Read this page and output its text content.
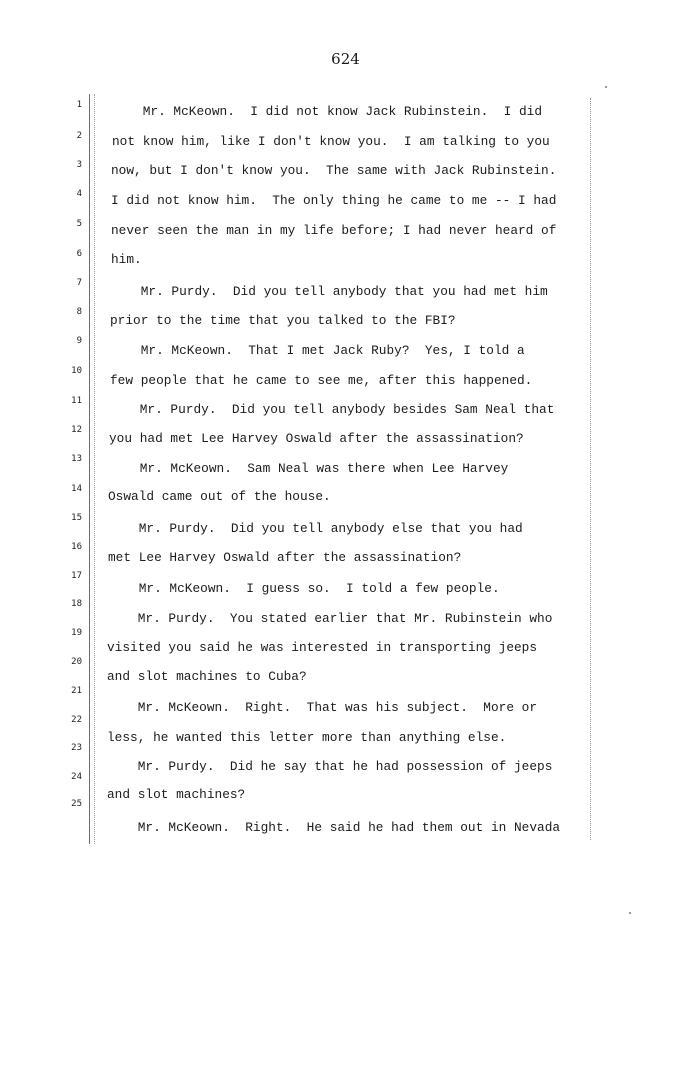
624
1
2
3
4
5
6
7
8
9
10
11
12
13
14
15
16
17
18
19
20
21
22
23
24
25
Mr. McKeown.  I did not know Jack Rubinstein.  I did
not know him, like I don't know you.  I am talking to you
now, but I don't know you.  The same with Jack Rubinstein.
I did not know him.  The only thing he came to me -- I had
never seen the man in my life before; I had never heard of
him.
Mr. Purdy.  Did you tell anybody that you had met him
prior to the time that you talked to the FBI?
Mr. McKeown.  That I met Jack Ruby?  Yes, I told a
few people that he came to see me, after this happened.
Mr. Purdy.  Did you tell anybody besides Sam Neal that
you had met Lee Harvey Oswald after the assassination?
Mr. McKeown.  Sam Neal was there when Lee Harvey
Oswald came out of the house.
Mr. Purdy.  Did you tell anybody else that you had
met Lee Harvey Oswald after the assassination?
Mr. McKeown.  I guess so.  I told a few people.
Mr. Purdy.  You stated earlier that Mr. Rubinstein who
visited you said he was interested in transporting jeeps
and slot machines to Cuba?
Mr. McKeown.  Right.  That was his subject.  More or
less, he wanted this letter more than anything else.
Mr. Purdy.  Did he say that he had possession of jeeps
and slot machines?
Mr. McKeown.  Right.  He said he had them out in Nevada
